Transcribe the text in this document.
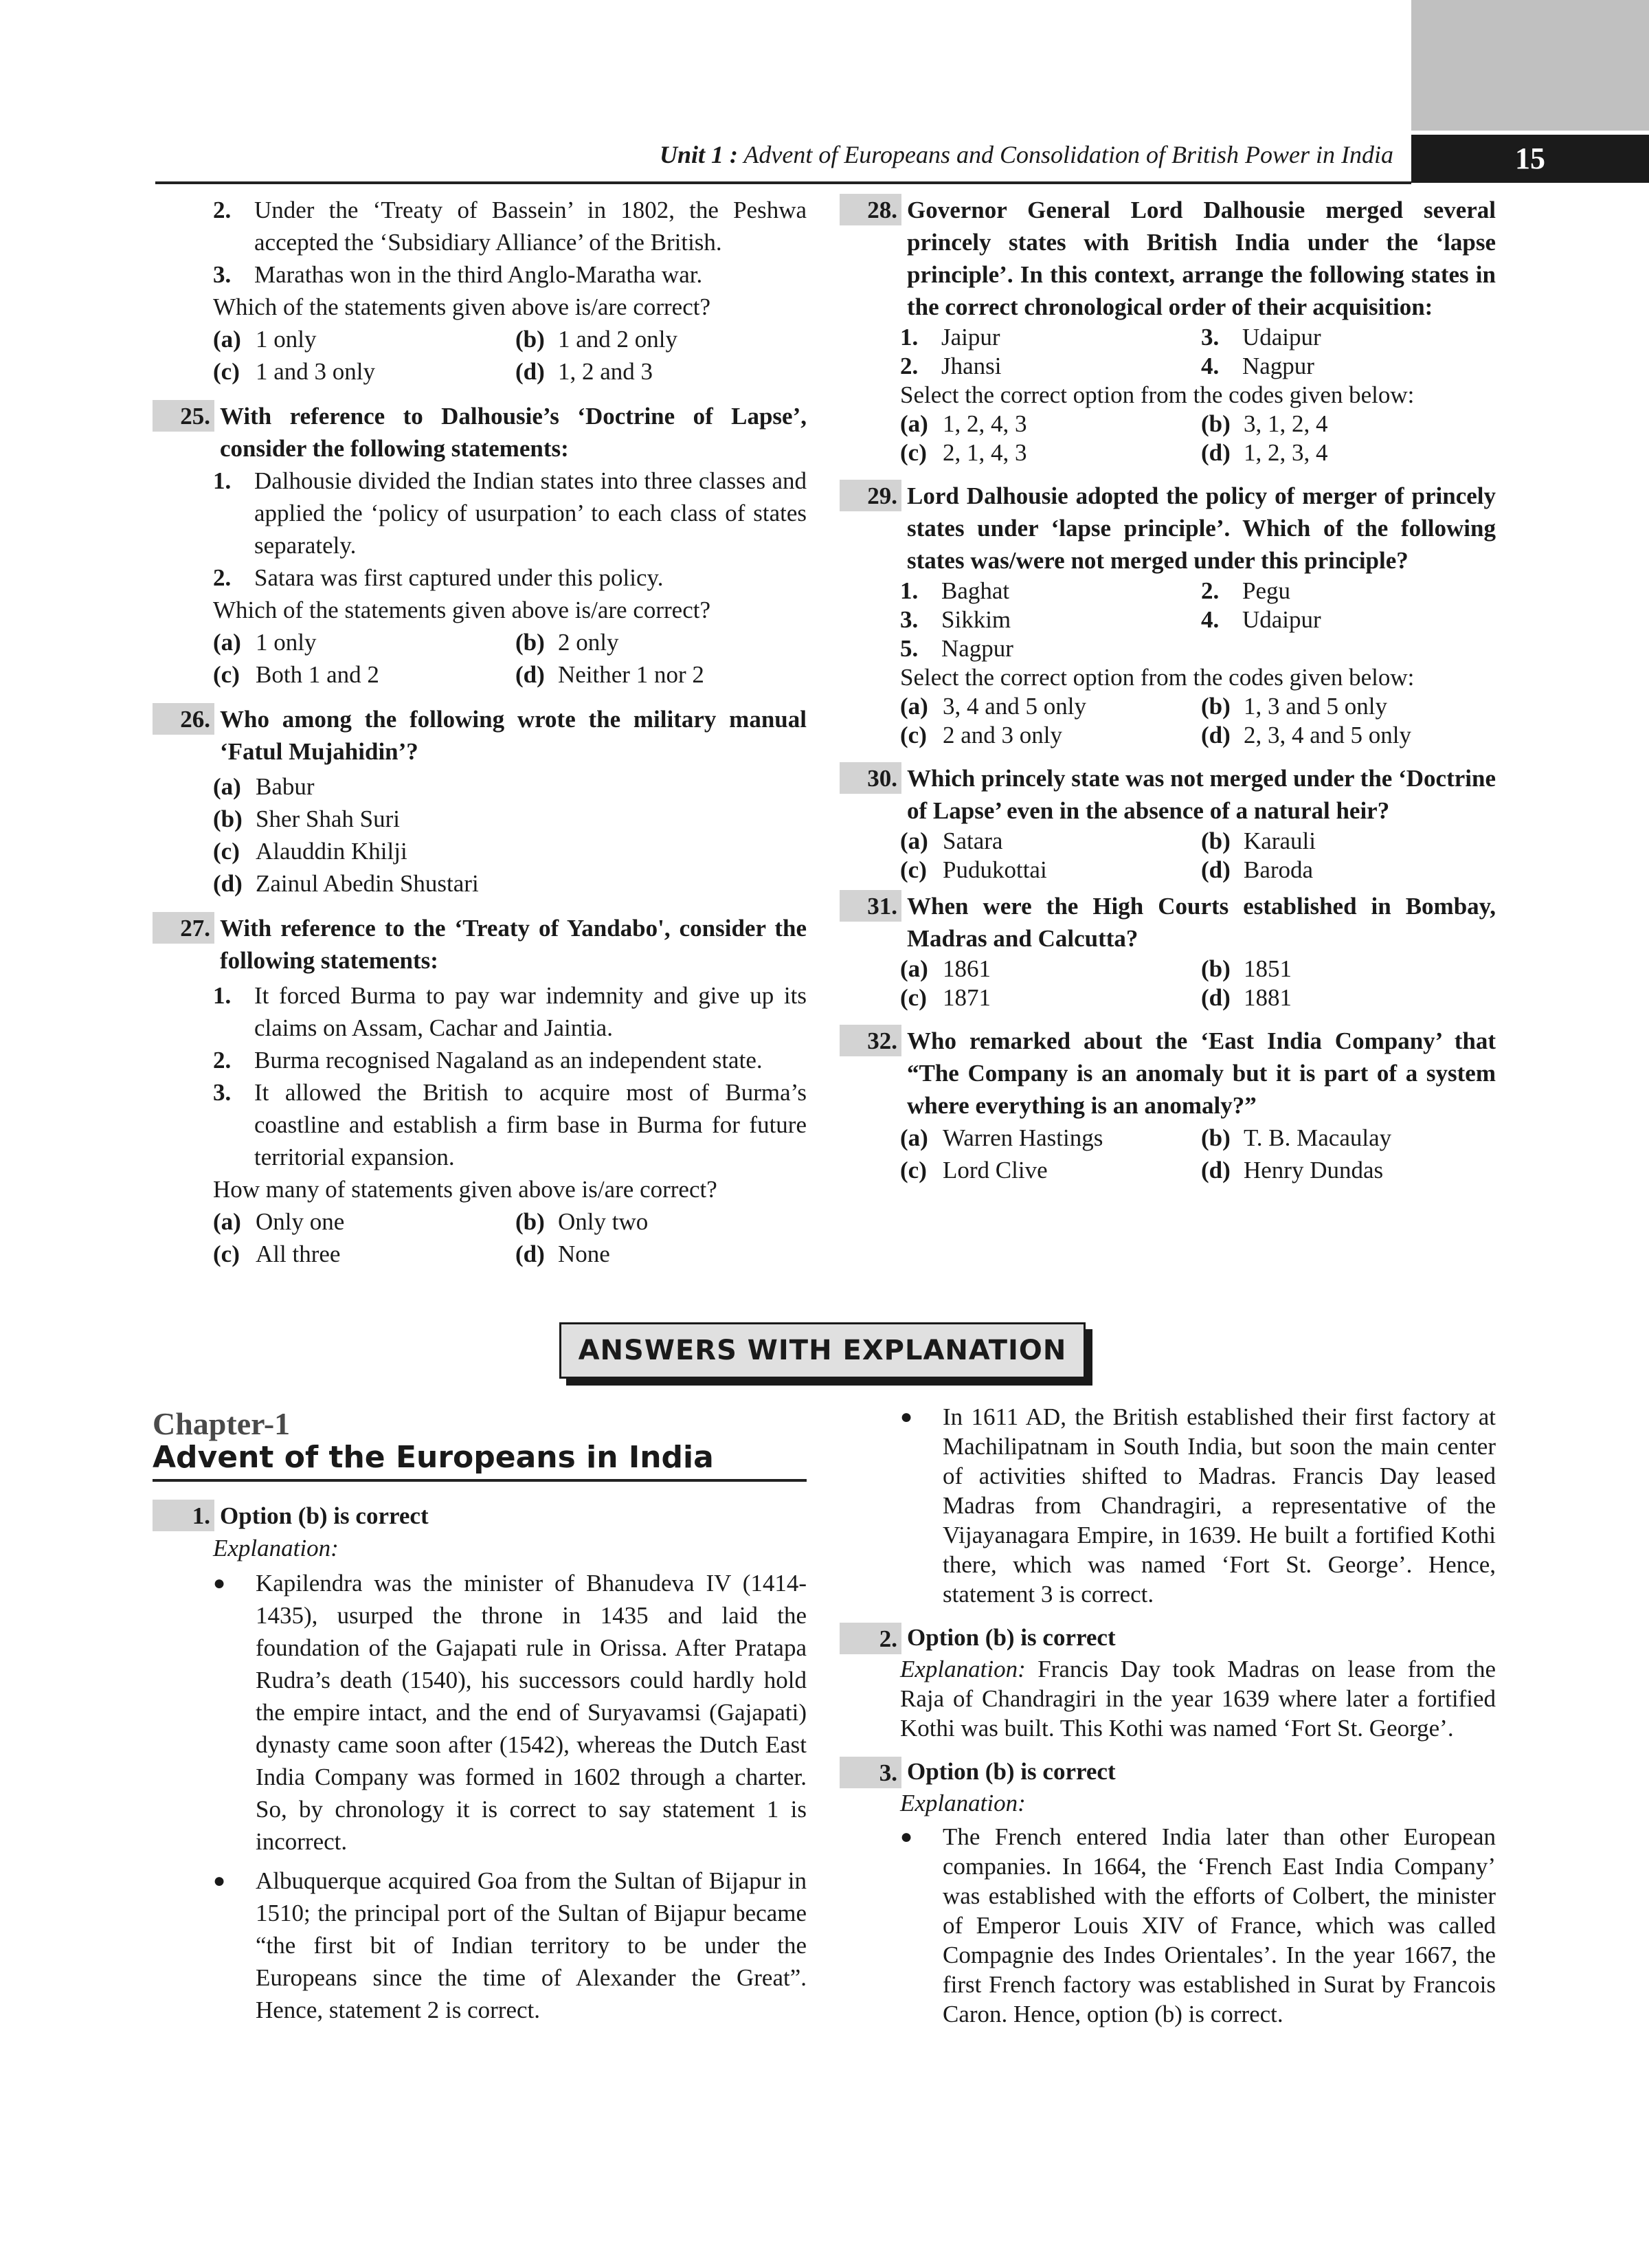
15
Unit 1 : Advent of Europeans and Consolidation of British Power in India
2. Under the ‘Treaty of Bassein’ in 1802, the Peshwa accepted the ‘Subsidiary Alliance’ of the British.
3. Marathas won in the third Anglo-Maratha war.
Which of the statements given above is/are correct?
(a) 1 only	(b) 1 and 2 only
(c) 1 and 3 only	(d) 1, 2 and 3
25. With reference to Dalhousie’s ‘Doctrine of Lapse’, consider the following statements:
1. Dalhousie divided the Indian states into three classes and applied the ‘policy of usurpation’ to each class of states separately.
2. Satara was first captured under this policy.
Which of the statements given above is/are correct?
(a) 1 only	(b) 2 only
(c) Both 1 and 2	(d) Neither 1 nor 2
26. Who among the following wrote the military manual ‘Fatul Mujahidin’?
(a) Babur
(b) Sher Shah Suri
(c) Alauddin Khilji
(d) Zainul Abedin Shustari
27. With reference to the ‘Treaty of Yandabo', consider the following statements:
1. It forced Burma to pay war indemnity and give up its claims on Assam, Cachar and Jaintia.
2. Burma recognised Nagaland as an independent state.
3. It allowed the British to acquire most of Burma’s coastline and establish a firm base in Burma for future territorial expansion.
How many of statements given above is/are correct?
(a) Only one	(b) Only two
(c) All three	(d) None
28. Governor General Lord Dalhousie merged several princely states with British India under the ‘lapse principle’. In this context, arrange the following states in the correct chronological order of their acquisition:
1. Jaipur	3. Udaipur
2. Jhansi	4. Nagpur
Select the correct option from the codes given below:
(a) 1, 2, 4, 3	(b) 3, 1, 2, 4
(c) 2, 1, 4, 3	(d) 1, 2, 3, 4
29. Lord Dalhousie adopted the policy of merger of princely states under ‘lapse principle’. Which of the following states was/were not merged under this principle?
1. Baghat	2. Pegu
3. Sikkim	4. Udaipur
5. Nagpur
Select the correct option from the codes given below:
(a) 3, 4 and 5 only	(b) 1, 3 and 5 only
(c) 2 and 3 only	(d) 2, 3, 4 and 5 only
30. Which princely state was not merged under the ‘Doctrine of Lapse’ even in the absence of a natural heir?
(a) Satara	(b) Karauli
(c) Pudukottai	(d) Baroda
31. When were the High Courts established in Bombay, Madras and Calcutta?
(a) 1861	(b) 1851
(c) 1871	(d) 1881
32. Who remarked about the ‘East India Company’ that “The Company is an anomaly but it is part of a system where everything is an anomaly?”
(a) Warren Hastings	(b) T. B. Macaulay
(c) Lord Clive	(d) Henry Dundas
ANSWERS WITH EXPLANATION
Chapter-1
Advent of the Europeans in India
1. Option (b) is correct
Explanation:
●	Kapilendra was the minister of Bhanudeva IV (1414-1435), usurped the throne in 1435 and laid the foundation of the Gajapati rule in Orissa. After Pratapa Rudra’s death (1540), his successors could hardly hold the empire intact, and the end of Suryavamsi (Gajapati) dynasty came soon after (1542), whereas the Dutch East India Company was formed in 1602 through a charter. So, by chronology it is correct to say statement 1 is incorrect.
●	Albuquerque acquired Goa from the Sultan of Bijapur in 1510; the principal port of the Sultan of Bijapur became “the first bit of Indian territory to be under the Europeans since the time of Alexander the Great”. Hence, statement 2 is correct.
●	In 1611 AD, the British established their first factory at Machilipatnam in South India, but soon the main center of activities shifted to Madras. Francis Day leased Madras from Chandragiri, a representative of the Vijayanagara Empire, in 1639. He built a fortified Kothi there, which was named ‘Fort St. George’. Hence, statement 3 is correct.
2. Option (b) is correct
Explanation: Francis Day took Madras on lease from the Raja of Chandragiri in the year 1639 where later a fortified Kothi was built. This Kothi was named ‘Fort St. George’.
3. Option (b) is correct
Explanation:
●	The French entered India later than other European companies. In 1664, the ‘French East India Company’ was established with the efforts of Colbert, the minister of Emperor Louis XIV of France, which was called Compagnie des Indes Orientales’. In the year 1667, the first French factory was established in Surat by Francois Caron. Hence, option (b) is correct.
